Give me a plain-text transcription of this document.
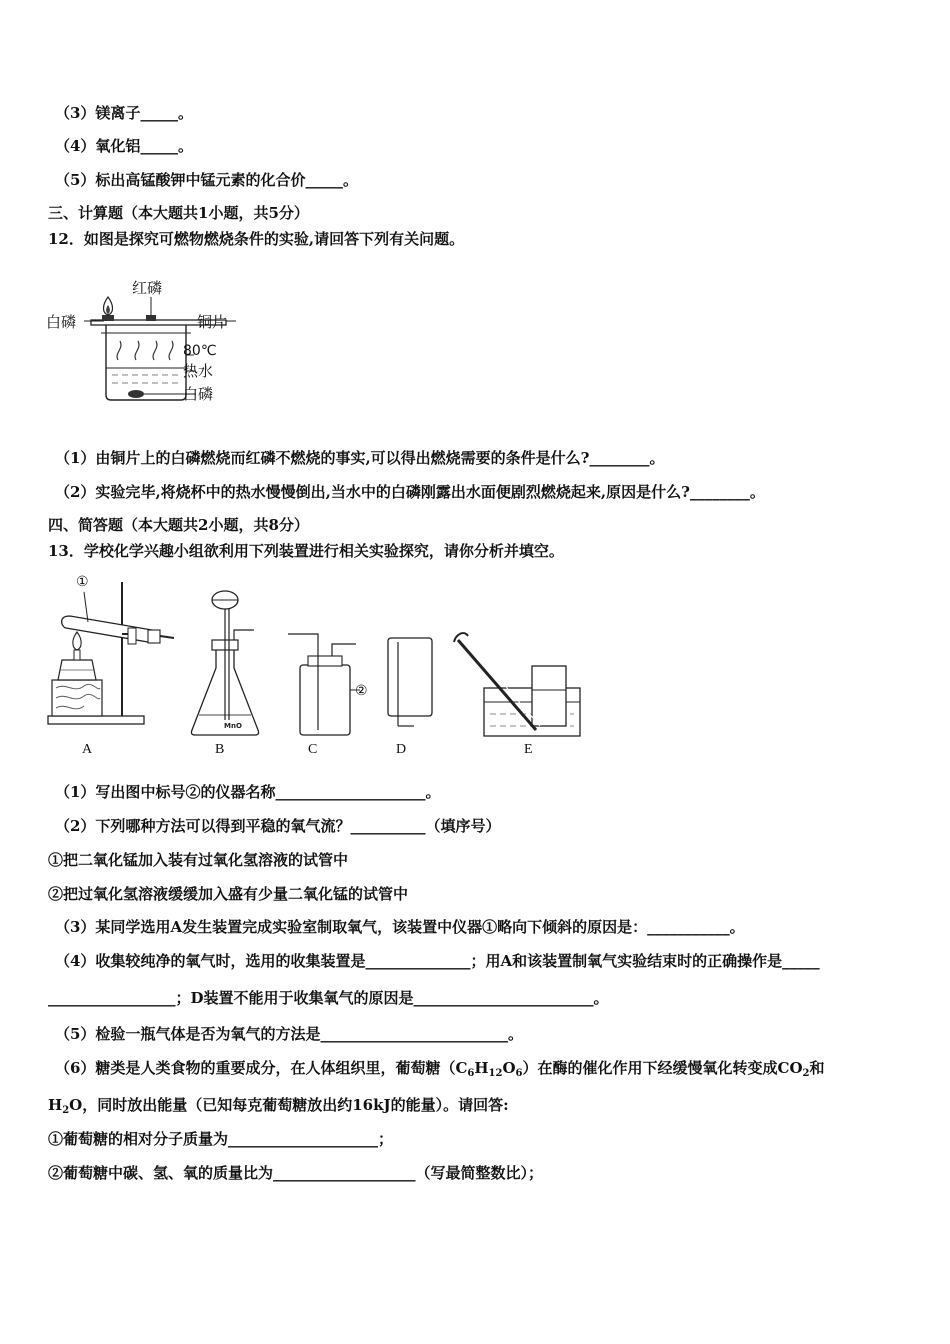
（3）镁离子_____。
（4）氧化铝_____。
（5）标出高锰酸钾中锰元素的化合价_____。
三、计算题（本大题共1小题，共5分）
12．如图是探究可燃物燃烧条件的实验,请回答下列有关问题。
红磷
白磷	铜片
80℃
热水
白磷
（1）由铜片上的白磷燃烧而红磷不燃烧的事实,可以得出燃烧需要的条件是什么?________。
（2）实验完毕,将烧杯中的热水慢慢倒出,当水中的白磷刚露出水面便剧烈燃烧起来,原因是什么?________。
四、简答题（本大题共2小题，共8分）
13．学校化学兴趣小组欲利用下列装置进行相关实验探究，请你分析并填空。
MnO
①
②
A	B	C	D	E
（1）写出图中标号②的仪器名称____________________。
（2）下列哪种方法可以得到平稳的氧气流？__________（填序号）
①把二氧化锰加入装有过氧化氢溶液的试管中
②把过氧化氢溶液缓缓加入盛有少量二氧化锰的试管中
（3）某同学选用A发生装置完成实验室制取氧气，该装置中仪器①略向下倾斜的原因是：___________。
（4）收集较纯净的氧气时，选用的收集装置是______________；用A和该装置制氧气实验结束时的正确操作是_____
_________________；D装置不能用于收集氧气的原因是________________________。
（5）检验一瓶气体是否为氧气的方法是_________________________。
（6）糖类是人类食物的重要成分，在人体组织里，葡萄糖$(C_6H_{12}O_6)$在酶的催化作用下经缓慢氧化转变成$CO_2$和
$H_2O$，同时放出能量（已知每克葡萄糖放出约16kJ的能量）。请回答:
①葡萄糖的相对分子质量为____________________；
②葡萄糖中碳、氢、氧的质量比为___________________（写最简整数比）；
